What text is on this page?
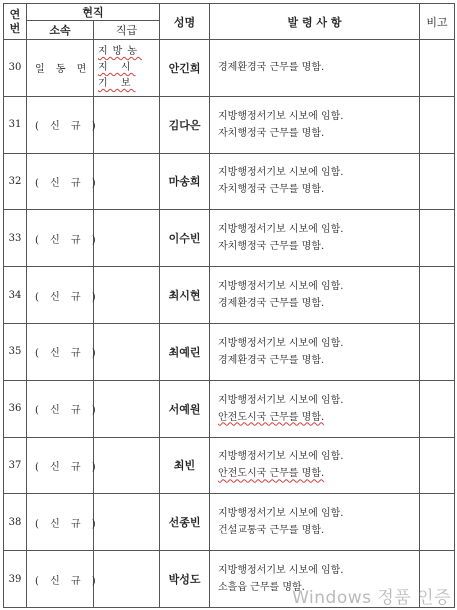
연
번	현직		성명	발 령 사 항	비고
	소속	직급			
30	일 동 면	지방농지 시 기 보	안긴희	경제환경국 근무를 명함.	

31	( 신 규 )		김다은	지방행정서기보 시보에 임함.
자치행정국 근무를 명함.	

32	( 신 규 )		마송희	지방행정서기보 시보에 임함.
자치행정국 근무를 명함.	

33	( 신 규 )		이수빈	지방행정서기보 시보에 임함.
자치행정국 근무를 명함.	

34	( 신 규 )		최시현	지방행정서기보 시보에 임함.
경제환경국 근무를 명함.	

35	( 신 규 )		최예린	지방행정서기보 시보에 임함.
경제환경국 근무를 명함.	

36	( 신 규 )		서예원	지방행정서기보 시보에 임함.
안전도시국 근무를 명함.	

37	( 신 규 )		최빈	지방행정서기보 시보에 임함.
안전도시국 근무를 명함.	

38	( 신 규 )		선종빈	지방행정서기보 시보에 임함.
건설교통국 근무를 명함.	

39	( 신 규 )		박성도	지방행정서기보 시보에 임함.
소흘읍 근무를 명함.	

Windows 정품 인증
